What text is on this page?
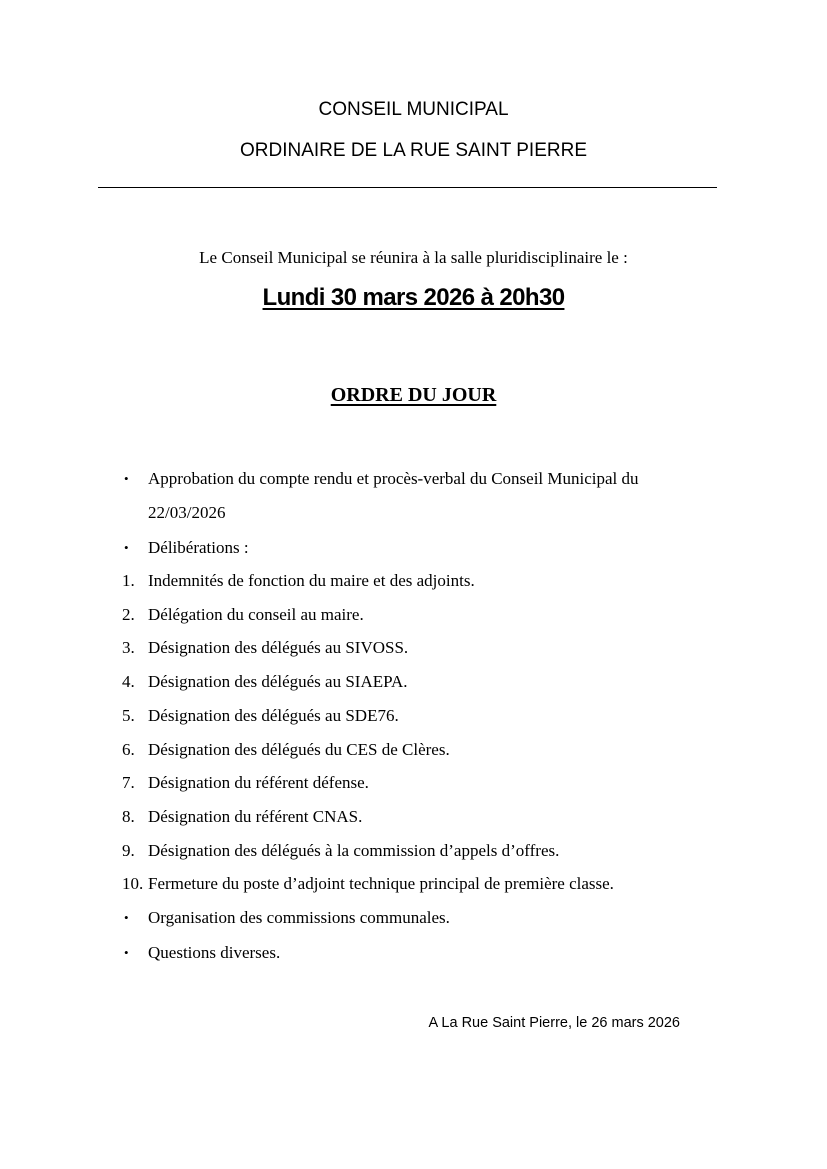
CONSEIL MUNICIPAL
ORDINAIRE DE LA RUE SAINT PIERRE
Le Conseil Municipal se réunira à la salle pluridisciplinaire le :
Lundi 30 mars 2026 à 20h30
ORDRE DU JOUR
•	Approbation du compte rendu et procès-verbal du Conseil Municipal du
22/03/2026
•	Délibérations :
1. Indemnités de fonction du maire et des adjoints.
2. Délégation du conseil au maire.
3. Désignation des délégués au SIVOSS.
4. Désignation des délégués au SIAEPA.
5. Désignation des délégués au SDE76.
6. Désignation des délégués du CES de Clères.
7. Désignation du référent défense.
8. Désignation du référent CNAS.
9. Désignation des délégués à la commission d’appels d’offres.
10. Fermeture du poste d’adjoint technique principal de première classe.
•	Organisation des commissions communales.
•	Questions diverses.
A La Rue Saint Pierre, le 26 mars 2026
